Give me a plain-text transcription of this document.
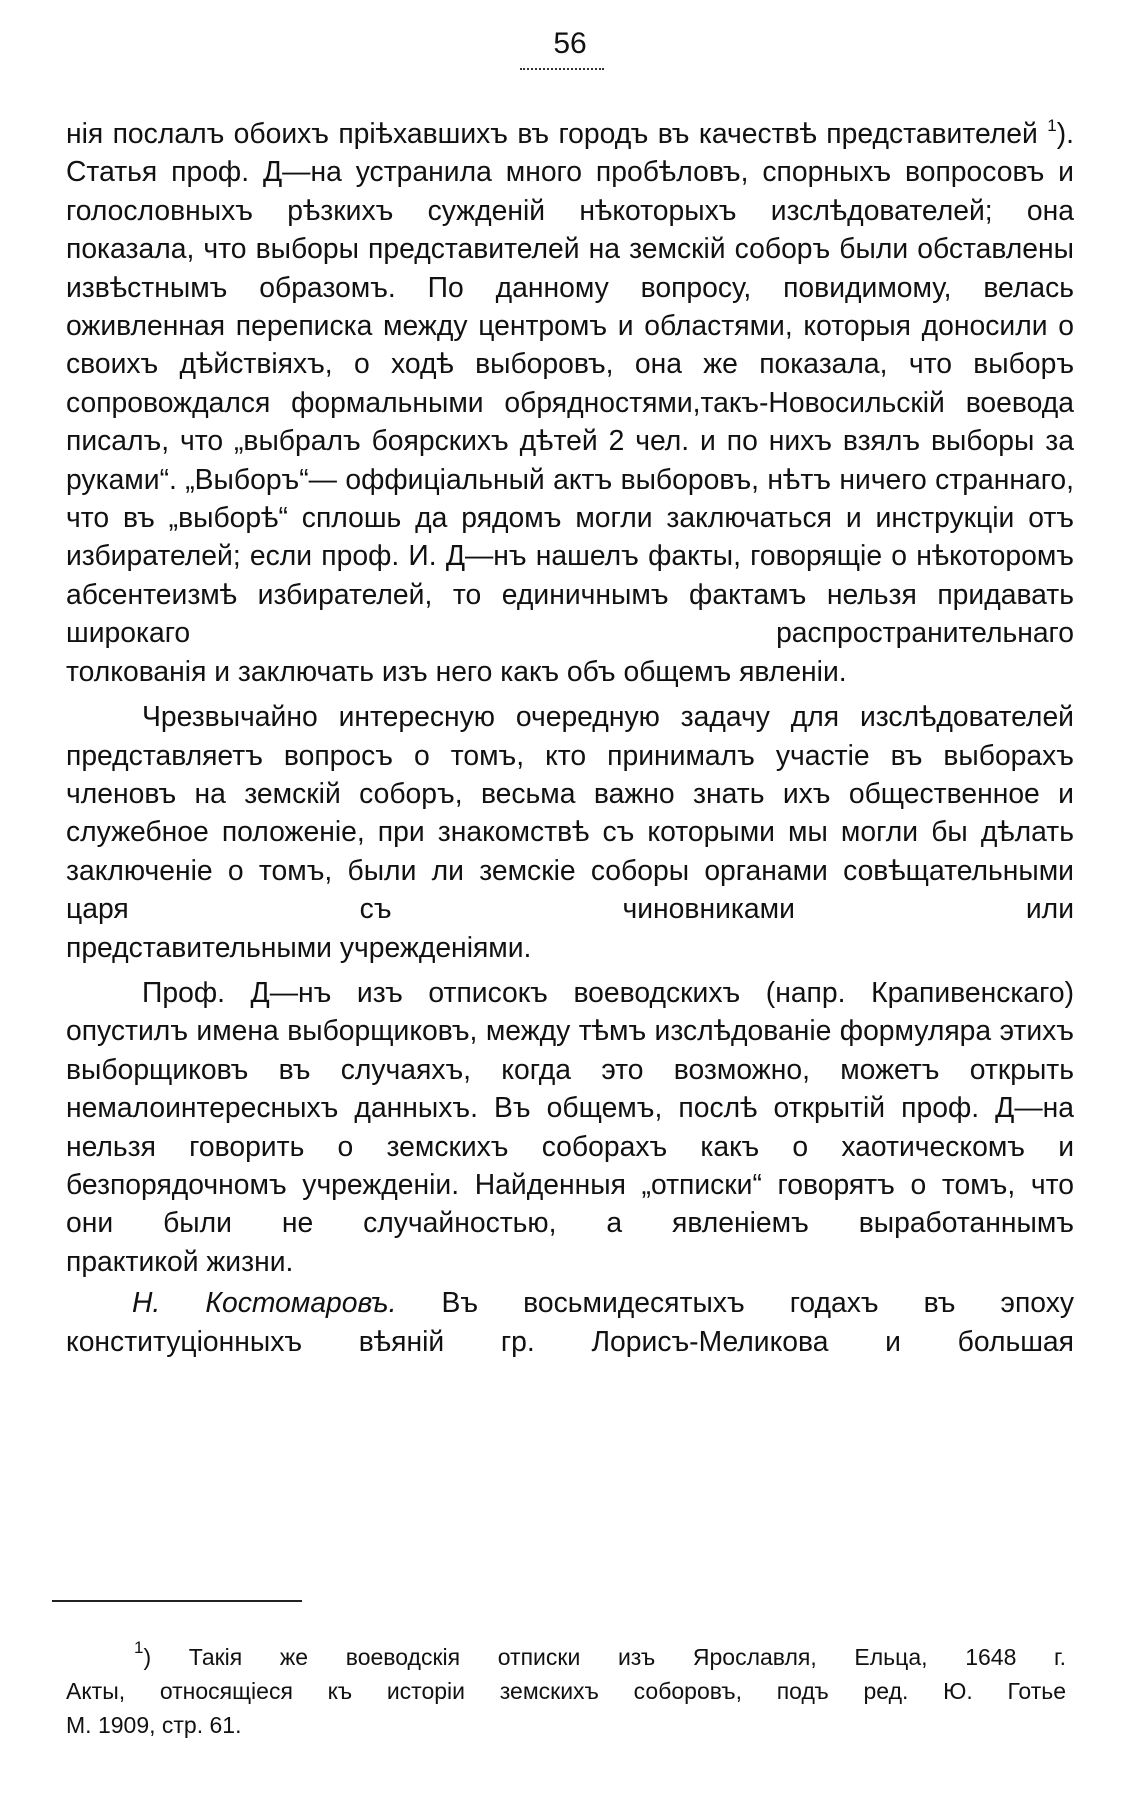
56

нія послалъ обоихъ пріѣхавшихъ въ городъ въ качествѣ представителей $^1$). Статья проф. Д—на устранила много пробѣловъ, спорныхъ вопросовъ и голословныхъ рѣзкихъ сужденій нѣкоторыхъ изслѣдователей; она показала, что выборы представителей на земскій соборъ были обставлены извѣстнымъ образомъ. По данному вопросу, повидимому, велась оживленная переписка между центромъ и областями, которыя доносили о своихъ дѣйствіяхъ, о ходѣ выборовъ, она же показала, что выборъ сопровождался формальными обрядностями,такъ-Новосильскій воевода писалъ, что „выбралъ боярскихъ дѣтей 2 чел. и по нихъ взялъ выборы за руками“. „Выборъ“— оффиціальный актъ выборовъ, нѣтъ ничего страннаго, что въ „выборѣ“ сплошь да рядомъ могли заключаться и инструкціи отъ избирателей; если проф. И. Д—нъ нашелъ факты, говорящіе о нѣкоторомъ абсентеизмѣ избирателей, то единичнымъ фактамъ нельзя придавать широкаго распространительнаго
толкованія и заключать изъ него какъ объ общемъ явленіи.

Чрезвычайно интересную очередную задачу для изслѣдователей представляетъ вопросъ о томъ, кто принималъ участіе въ выборахъ членовъ на земскій соборъ, весьма важно знать ихъ общественное и служебное положеніе, при знакомствѣ съ которыми мы могли бы дѣлать заключеніе о томъ, были ли земскіе соборы органами совѣщательными царя съ чиновниками или
представительными учрежденіями.

Проф. Д—нъ изъ отписокъ воеводскихъ (напр. Крапивенскаго) опустилъ имена выборщиковъ, между тѣмъ изслѣдованіе формуляра этихъ выборщиковъ въ случаяхъ, когда это возможно, можетъ открыть немалоинтересныхъ данныхъ. Въ общемъ, послѣ открытій проф. Д—на нельзя говорить о земскихъ соборахъ какъ о хаотическомъ и безпорядочномъ учрежденіи. Найденныя „отписки“ говорятъ о томъ, что они были не случайностью, а явленіемъ выработаннымъ
практикой жизни.

Н. Костомаровъ. Въ восьмидесятыхъ годахъ въ эпоху конституціонныхъ вѣяній гр. Лорисъ-Меликова и большая

$^1$) Такія же воеводскія отписки изъ Ярославля, Ельца, 1648 г.
Акты, относящіеся къ исторіи земскихъ соборовъ, подъ ред. Ю. Готье
М. 1909, стр. 61.
